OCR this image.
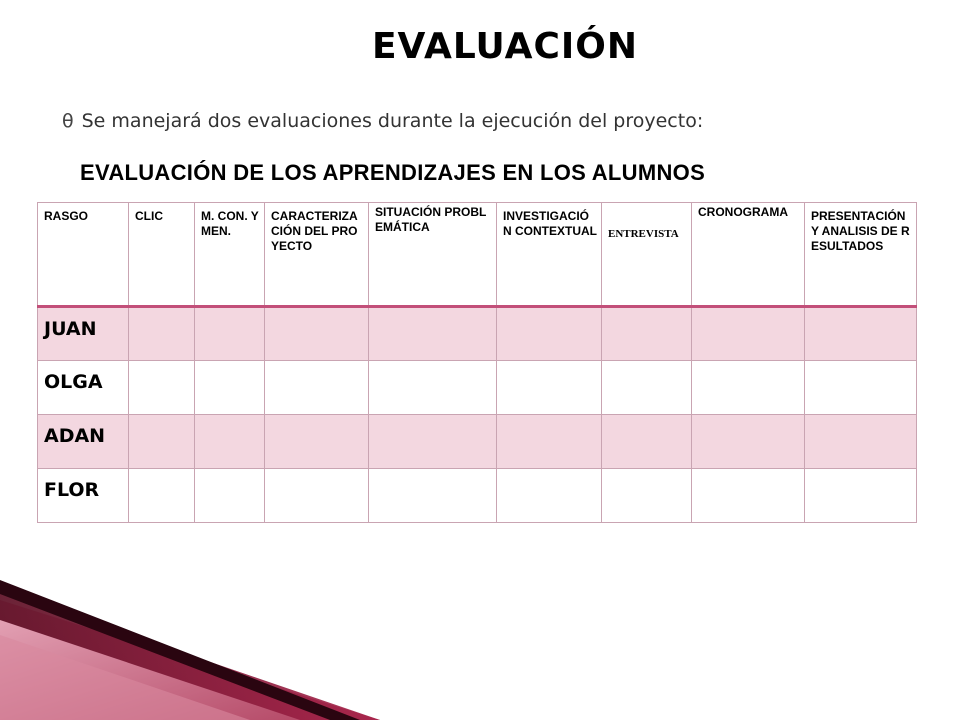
EVALUACIÓN
θ Se manejará dos evaluaciones durante la ejecución del proyecto:
EVALUACIÓN DE LOS APRENDIZAJES EN LOS ALUMNOS
RASGO	CLIC	M. CON. Y MEN.	CARACTERIZACIÓN DEL PROYECTO	SITUACIÓN PROBLEMÁTICA	INVESTIGACIÓN CONTEXTUAL	ENTREVISTA	CRONOGRAMA	PRESENTACIÓN Y ANALISIS DE RESULTADOS

JUAN								

OLGA								

ADAN								

FLOR								
